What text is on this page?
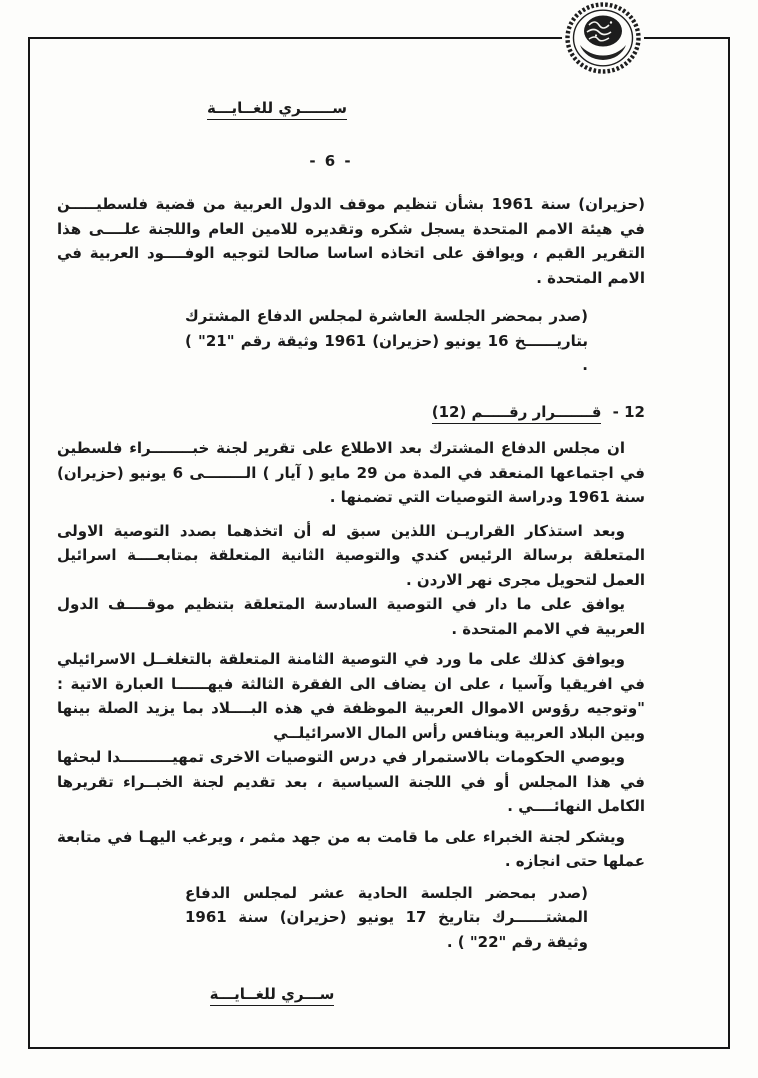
ســــــري للغــايـــة
- 6 -

(حزيران) سنة 1961 بشأن تنظيم موقف الدول العربية من قضية فلسطيـــــن في هيئة الامم المتحدة يسجل شكره وتقديره للامين العام واللجنة علــــى هذا التقرير القيم ، ويوافق على اتخاذه اساسا صالحا لتوجيه الوفــــود العربية في الامم المتحدة .

(صدر بمحضر الجلسة العاشرة لمجلس الدفاع المشترك بتاريــــــخ 16 يونيو (حزيران) 1961 وثيقة رقم "21" ) .

12 - قـــــــرار رقـــــم (12)

ان مجلس الدفاع المشترك بعد الاطلاع على تقرير لجنة خبــــــــراء فلسطين في اجتماعها المنعقد في المدة من 29 مايو ( آيار ) الــــــــى 6 يونيو (حزيران) سنة 1961 ودراسة التوصيات التي تضمنها .

وبعد استذكار القراريـن اللذين سبق له أن اتخذهما بصدد التوصية الاولى المتعلقة برسالة الرئيس كندي والتوصية الثانية المتعلقة بمتابعــــة اسرائيل العمل لتحويل مجرى نهر الاردن .

يوافق على ما دار في التوصية السادسة المتعلقة بتنظيم موقــــف الدول العربية في الامم المتحدة .

ويوافق كذلك على ما ورد في التوصية الثامنة المتعلقة بالتغلغــل الاسرائيلي في افريقيا وآسيا ، على ان يضاف الى الفقرة الثالثة فيهــــــا العبارة الاتية : "وتوجيه رؤوس الاموال العربية الموظفة في هذه البــــلاد بما يزيد الصلة بينها وبين البلاد العربية وينافس رأس المال الاسرائيلــي

ويوصي الحكومات بالاستمرار في درس التوصيات الاخرى تمهيــــــــــدا لبحثها في هذا المجلس أو في اللجنة السياسية ، بعد تقديم لجنة الخبــراء تقريرها الكامل النهائــــي .

ويشكر لجنة الخبراء على ما قامت به من جهد مثمر ، ويرغب اليهـا في متابعة عملها حتى انجازه .

(صدر بمحضر الجلسة الحادية عشر لمجلس الدفاع المشتــــــرك بتاريخ 17 يونيو (حزيران) سنة 1961 وثيقة رقم "22" ) .

ســـري للغــايـــة
